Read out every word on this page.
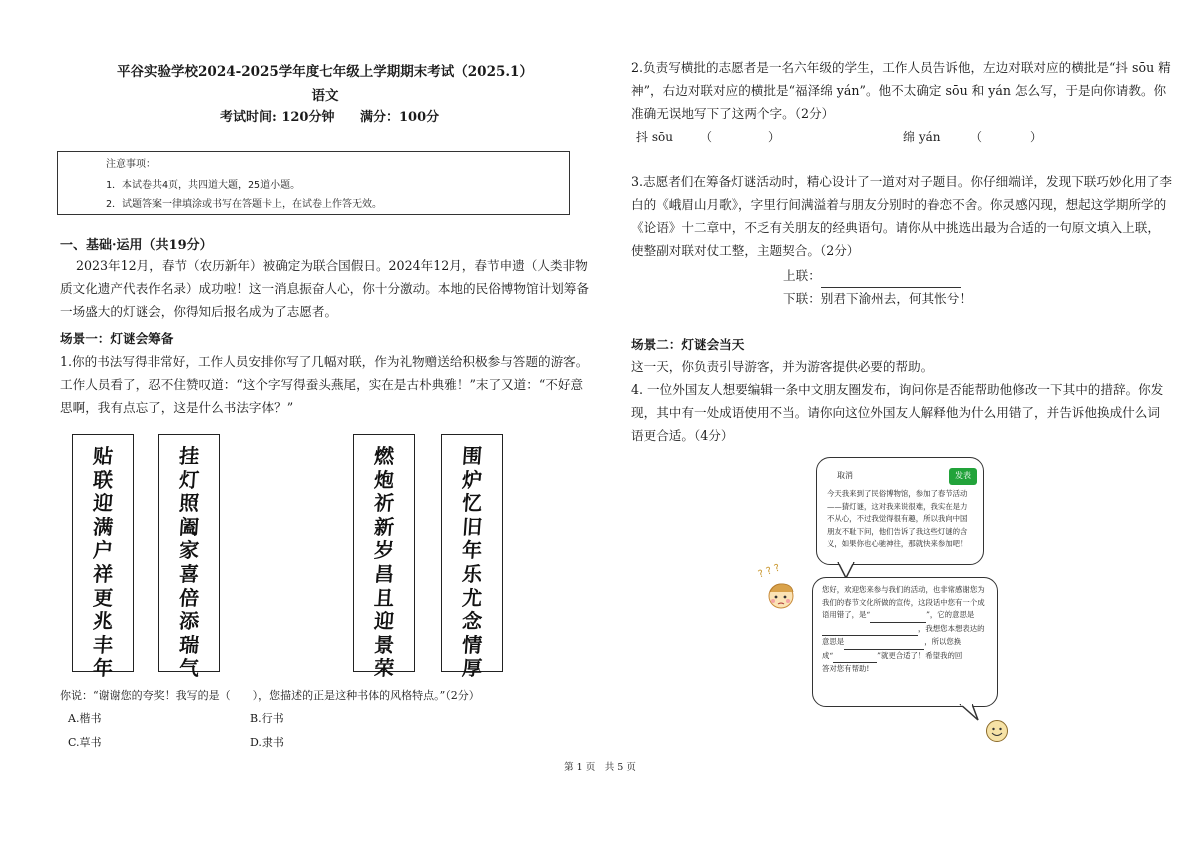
平谷实验学校2024-2025学年度七年级上学期期末考试（2025.1）
语文
考试时间: 120分钟 满分：100分
注意事项：
1．本试卷共4页，共四道大题，25道小题。
2．试题答案一律填涂或书写在答题卡上，在试卷上作答无效。
一、基础·运用（共19分）
2023年12月，春节（农历新年）被确定为联合国假日。2024年12月，春节申遗（人类非物
质文化遗产代表作名录）成功啦！这一消息振奋人心，你十分激动。本地的民俗博物馆计划筹备
一场盛大的灯谜会，你得知后报名成为了志愿者。
场景一：灯谜会筹备
1.你的书法写得非常好，工作人员安排你写了几幅对联，作为礼物赠送给积极参与答题的游客。
工作人员看了，忍不住赞叹道：“这个字写得蚕头燕尾，实在是古朴典雅！”末了又道：“不好意
思啊，我有点忘了，这是什么书法字体？”
贴
联
迎
满
户
祥
更
兆
丰
年
挂
灯
照
阖
家
喜
倍
添
瑞
气
燃
炮
祈
新
岁
昌
且
迎
景
荣
围
炉
忆
旧
年
乐
尤
念
情
厚
你说：“谢谢您的夸奖！我写的是（　　），您描述的正是这种书体的风格特点。”（2分）
A.楷书	B.行书
C.草书	D.隶书
第 1 页　共 5 页
2.负责写横批的志愿者是一名六年级的学生，工作人员告诉他，左边对联对应的横批是“抖 sōu 精
神”，右边对联对应的横批是“福泽绵 yán”。他不太确定 sōu 和 yán 怎么写，于是向你请教。你
准确无误地写下了这两个字。（2分）
抖 sōu （	）	绵 yán （	）
3.志愿者们在筹备灯谜活动时，精心设计了一道对对子题目。你仔细端详，发现下联巧妙化用了李
白的《峨眉山月歌》，字里行间满溢着与朋友分别时的眷恋不舍。你灵感闪现，想起这学期所学的
《论语》十二章中，不乏有关朋友的经典语句。请你从中挑选出最为合适的一句原文填入上联，
使整副对联对仗工整，主题契合。（2分）
上联：
下联：别君下渝州去，何其怅兮！
场景二：灯谜会当天
这一天，你负责引导游客，并为游客提供必要的帮助。
4. 一位外国友人想要编辑一条中文朋友圈发布，询问你是否能帮助他修改一下其中的措辞。你发
现，其中有一处成语使用不当。请你向这位外国友人解释他为什么用错了，并告诉他换成什么词
语更合适。（4分）
取消	发表
今天我来到了民俗博物馆，参加了春节活动
——猜灯谜，这对我来说很难，我实在是力
不从心，不过我觉得很有趣，所以我向中国
朋友不耻下问，他们告诉了我这些灯谜的含
义，如果你也心驰神往，那就快来参加吧！
? ? ?
您好，欢迎您来参与我们的活动，也非常感谢您为
我们的春节文化所做的宣传，这段话中您有一个成
语用错了，是“	”，它的意思是
，我想您本想表达的
意思是	，所以您换
成“	”就更合适了！希望我的回
答对您有帮助!
